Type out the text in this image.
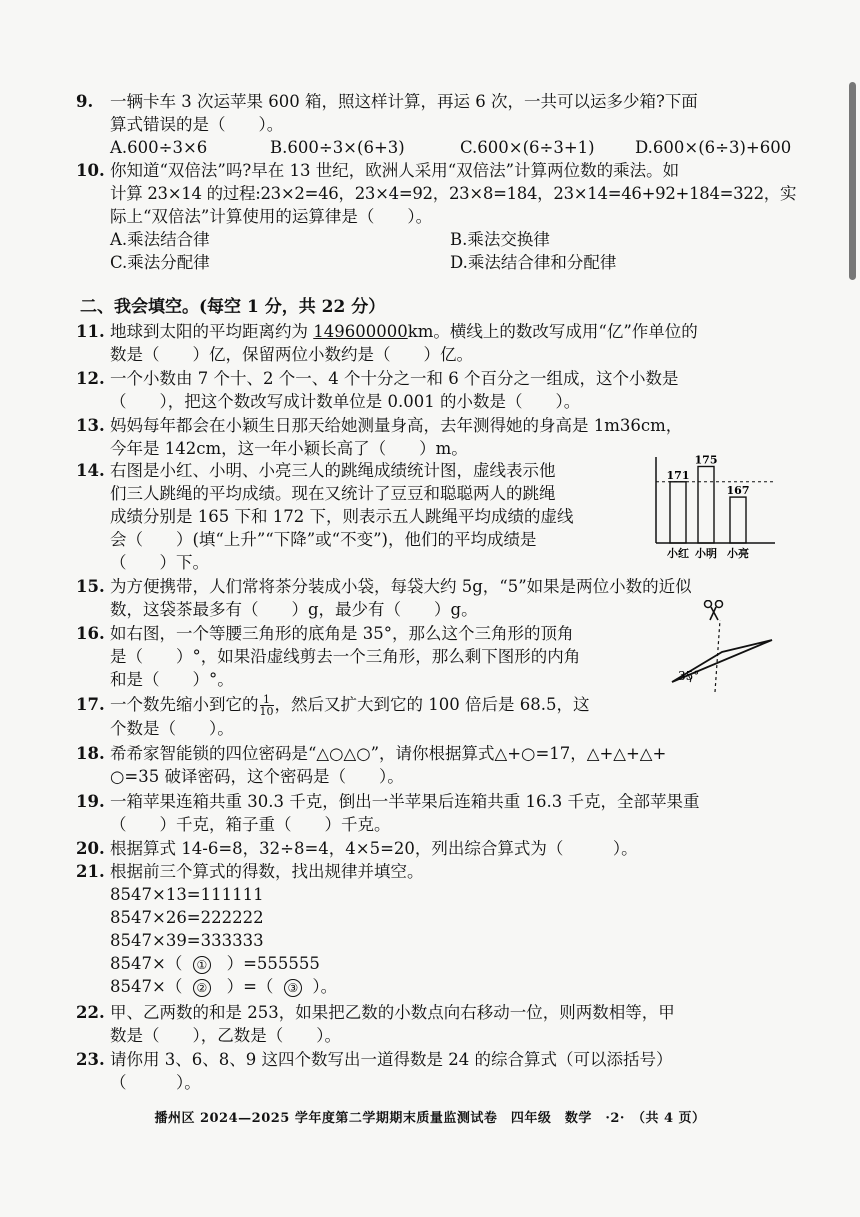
9.	一辆卡车 3 次运苹果 600 箱，照这样计算，再运 6 次，一共可以运多少箱?下面
算式错误的是（　　）。
A.600÷3×6	B.600÷3×(6+3)	C.600×(6÷3+1)	D.600×(6÷3)+600
10. 你知道“双倍法”吗?早在 13 世纪，欧洲人采用“双倍法”计算两位数的乘法。如
计算 23×14 的过程:23×2=46，23×4=92，23×8=184，23×14=46+92+184=322，实
际上“双倍法”计算使用的运算律是（　　）。
A.乘法结合律	B.乘法交换律
C.乘法分配律	D.乘法结合律和分配律
二、我会填空。(每空 1 分，共 22 分）
11. 地球到太阳的平均距离约为 149600000km。横线上的数改写成用“亿”作单位的
数是（　　）亿，保留两位小数约是（　　）亿。
12. 一个小数由 7 个十、2 个一、4 个十分之一和 6 个百分之一组成，这个小数是
（　　），把这个数改写成计数单位是 0.001 的小数是（　　）。
13. 妈妈每年都会在小颖生日那天给她测量身高，去年测得她的身高是 1m36cm，
今年是 142cm，这一年小颖长高了（　　）m。
14. 右图是小红、小明、小亮三人的跳绳成绩统计图，虚线表示他
们三人跳绳的平均成绩。现在又统计了豆豆和聪聪两人的跳绳
成绩分别是 165 下和 172 下，则表示五人跳绳平均成绩的虚线
会（　　）(填“上升”“下降”或“不变”)，他们的平均成绩是
（　　）下。
171
小红
175
小明
167
小亮
15. 为方便携带，人们常将茶分装成小袋，每袋大约 5g，“5”如果是两位小数的近似
数，这袋茶最多有（　　）g，最少有（　　）g。
16. 如右图，一个等腰三角形的底角是 35°，那么这个三角形的顶角
是（　　）°，如果沿虚线剪去一个三角形，那么剩下图形的内角
和是（　　）°。	35°
17. 一个数先缩小到它的 $\frac{1}{10}$ ，然后又扩大到它的 100 倍后是 68.5，这
个数是（　　）。
18. 希希家智能锁的四位密码是“△○△○”，请你根据算式△+○=17，△+△+△+
○=35 破译密码，这个密码是（　　）。
19. 一箱苹果连箱共重 30.3 千克，倒出一半苹果后连箱共重 16.3 千克，全部苹果重
（　　）千克，箱子重（　　）千克。
20. 根据算式 14-6=8，32÷8=4，4×5=20，列出综合算式为（　　　）。
21. 根据前三个算式的得数，找出规律并填空。
8547×13=111111
8547×26=222222
8547×39=333333
8547×（ ① ）=555555
8547×（ ② ）=（ ③ ）。
22. 甲、乙两数的和是 253，如果把乙数的小数点向右移动一位，则两数相等，甲
数是（　　），乙数是（　　）。
23. 请你用 3、6、8、9 这四个数写出一道得数是 24 的综合算式（可以添括号）
（　　　）。
播州区 2024—2025 学年度第二学期期末质量监测试卷　四年级　数学　·2·　（共 4 页）
